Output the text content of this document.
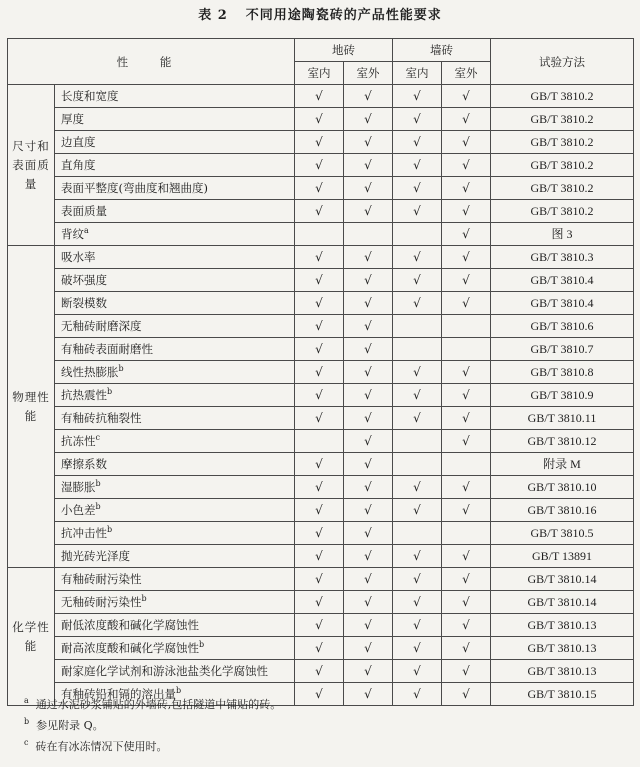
表 2 不同用途陶瓷砖的产品性能要求
性 能		地砖		墙砖		试验方法
		室内	室外	室内	室外	
尺寸和表面质量	长度和宽度	√	√	√	√	GB/T 3810.2
	厚度	√	√	√	√	GB/T 3810.2
	边直度	√	√	√	√	GB/T 3810.2
	直角度	√	√	√	√	GB/T 3810.2
	表面平整度(弯曲度和翘曲度)	√	√	√	√	GB/T 3810.2
	表面质量	√	√	√	√	GB/T 3810.2
	背纹$^a$				√	图 3
物理性能	吸水率	√	√	√	√	GB/T 3810.3
	破坏强度	√	√	√	√	GB/T 3810.4
	断裂模数	√	√	√	√	GB/T 3810.4
	无釉砖耐磨深度	√	√			GB/T 3810.6
	有釉砖表面耐磨性	√	√			GB/T 3810.7
	线性热膨胀$^b$	√	√	√	√	GB/T 3810.8
	抗热震性$^b$	√	√	√	√	GB/T 3810.9
	有釉砖抗釉裂性	√	√	√	√	GB/T 3810.11
	抗冻性$^c$		√		√	GB/T 3810.12
	摩擦系数	√	√			附录 M
	湿膨胀$^b$	√	√	√	√	GB/T 3810.10
	小色差$^b$	√	√	√	√	GB/T 3810.16
	抗冲击性$^b$	√	√			GB/T 3810.5
	抛光砖光泽度	√	√	√	√	GB/T 13891
化学性能	有釉砖耐污染性	√	√	√	√	GB/T 3810.14
	无釉砖耐污染性$^b$	√	√	√	√	GB/T 3810.14
	耐低浓度酸和碱化学腐蚀性	√	√	√	√	GB/T 3810.13
	耐高浓度酸和碱化学腐蚀性$^b$	√	√	√	√	GB/T 3810.13
	耐家庭化学试剂和游泳池盐类化学腐蚀性	√	√	√	√	GB/T 3810.13
	有釉砖铅和镉的溶出量$^b$	√	√	√	√	GB/T 3810.15
$^a$ 通过水泥砂浆铺贴的外墙砖,包括隧道中铺贴的砖。
$^b$ 参见附录 Q。
$^c$ 砖在有冰冻情况下使用时。
